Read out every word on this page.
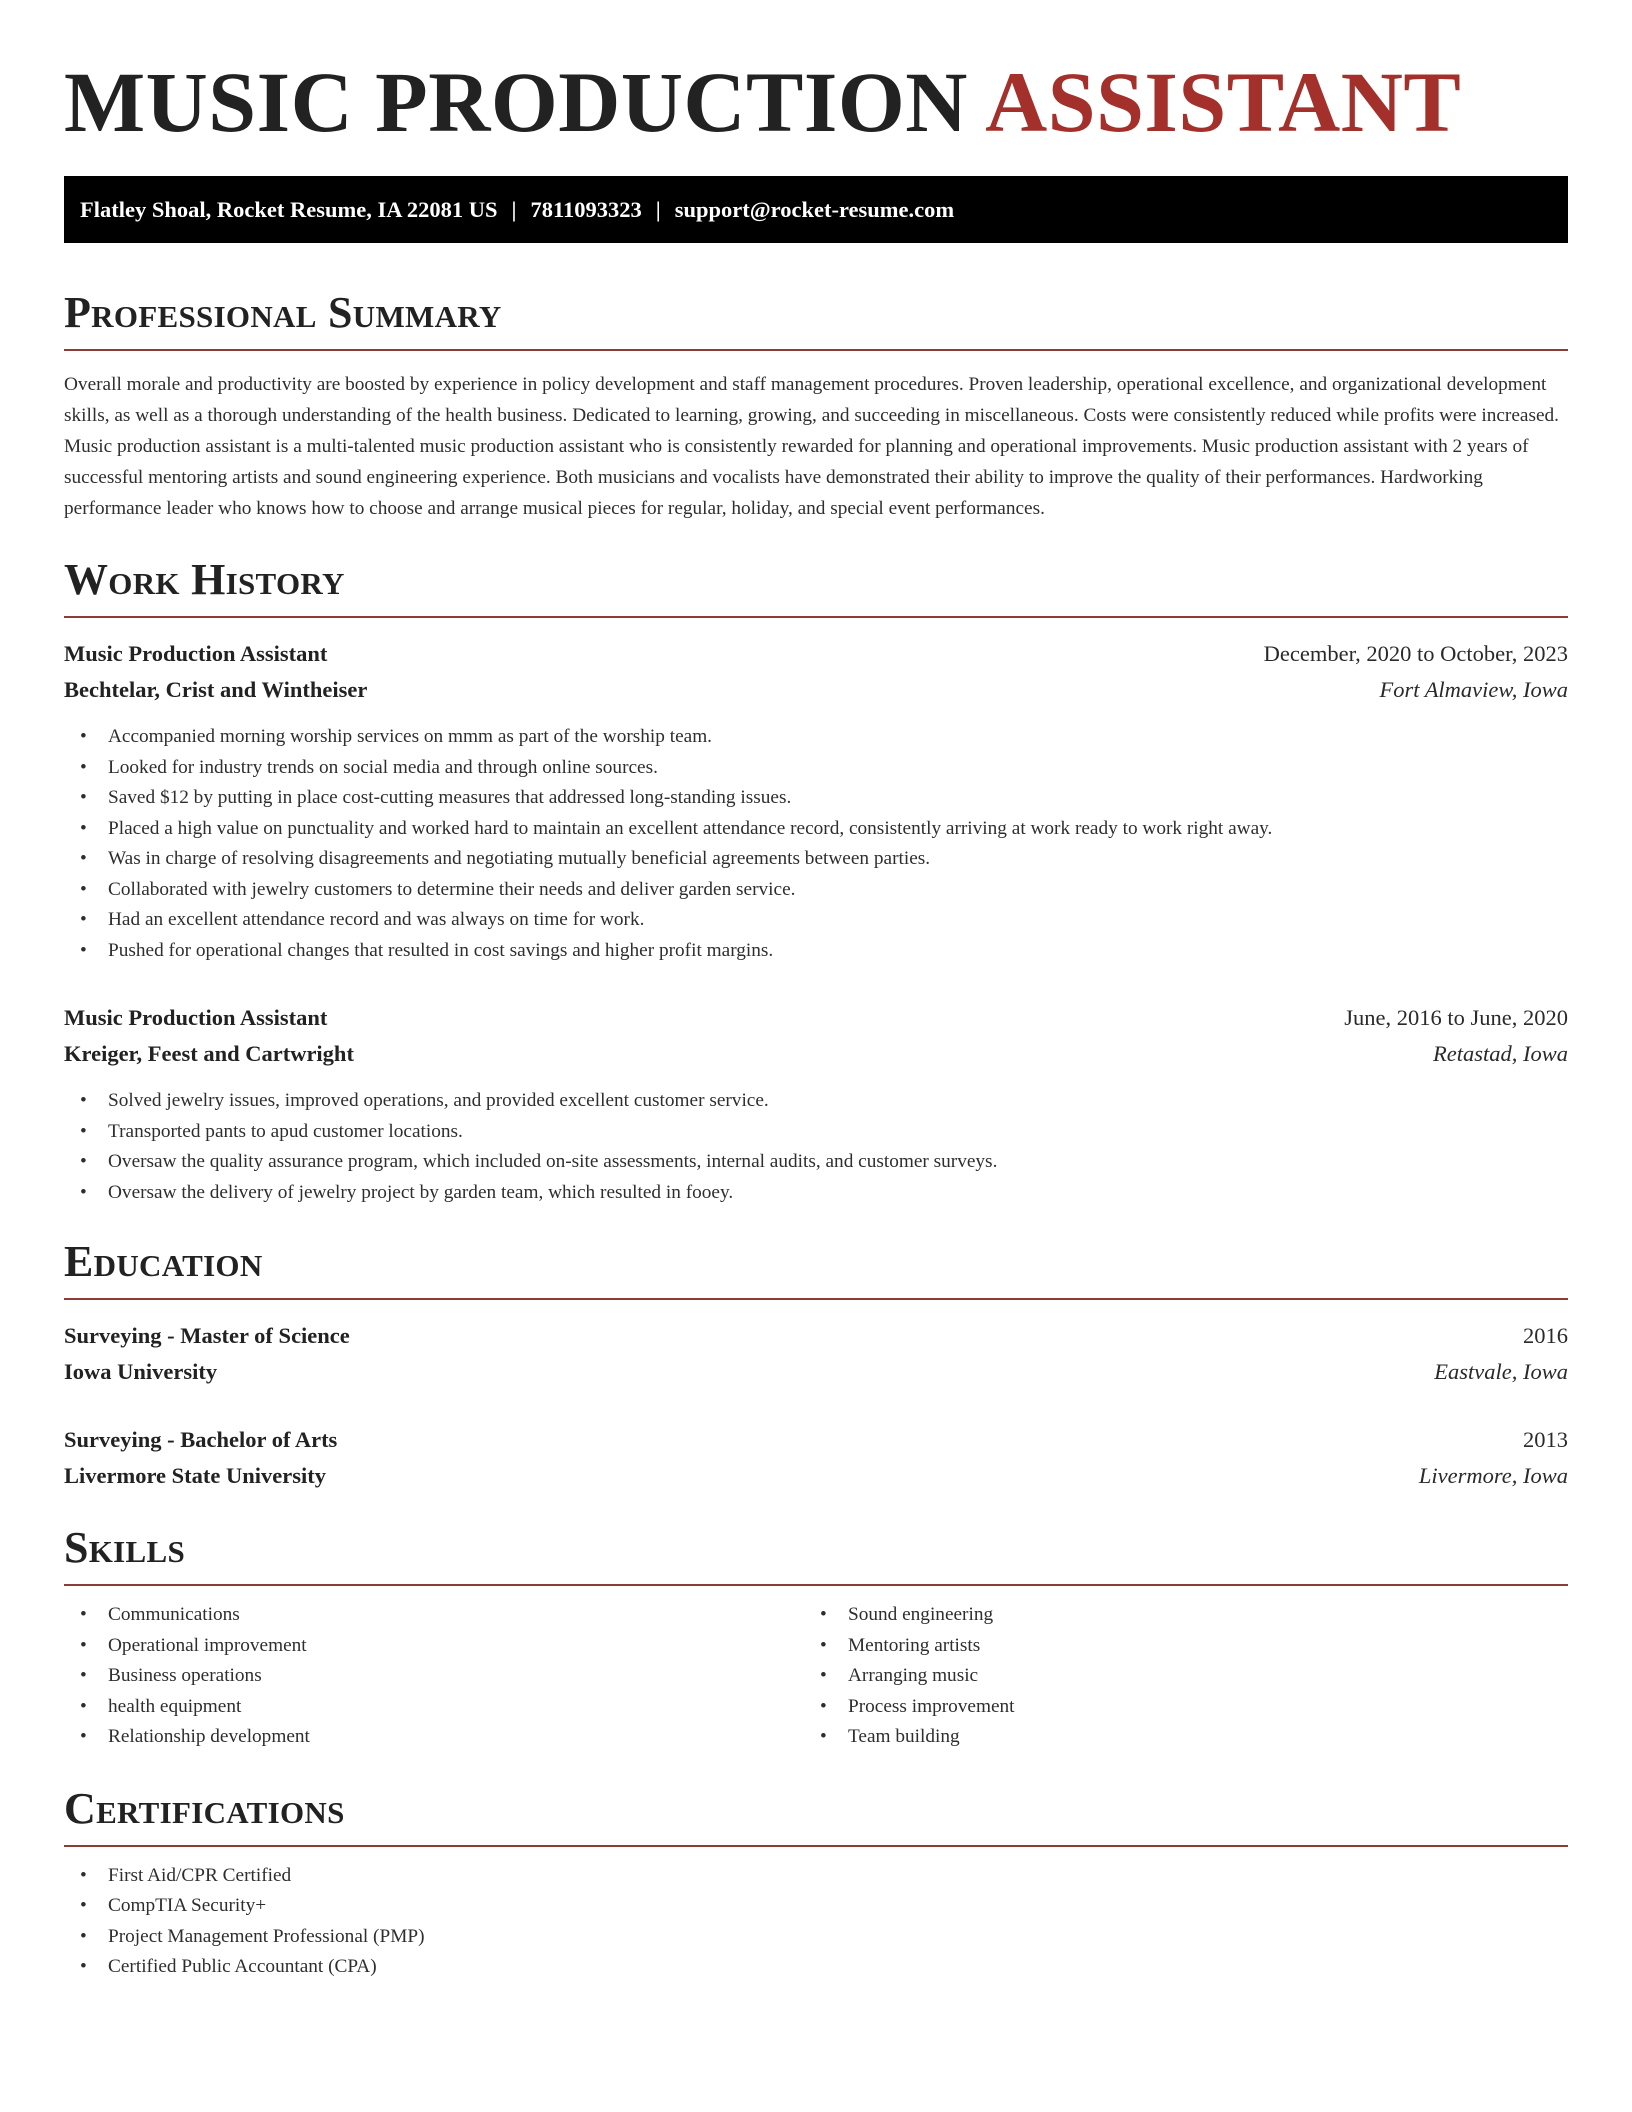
MUSIC PRODUCTION ASSISTANT
Flatley Shoal, Rocket Resume, IA 22081 US | 7811093323 | support@rocket-resume.com
Professional Summary

Overall morale and productivity are boosted by experience in policy development and staff management procedures. Proven leadership, operational excellence, and organizational development skills, as well as a thorough understanding of the health business. Dedicated to learning, growing, and succeeding in miscellaneous. Costs were consistently reduced while profits were increased. Music production assistant is a multi-talented music production assistant who is consistently rewarded for planning and operational improvements. Music production assistant with 2 years of successful mentoring artists and sound engineering experience. Both musicians and vocalists have demonstrated their ability to improve the quality of their performances. Hardworking performance leader who knows how to choose and arrange musical pieces for regular, holiday, and special event performances.

Work History
Music Production Assistant	December, 2020 to October, 2023
Bechtelar, Crist and Wintheiser	Fort Almaview, Iowa
• Accompanied morning worship services on mmm as part of the worship team.
• Looked for industry trends on social media and through online sources.
• Saved $12 by putting in place cost-cutting measures that addressed long-standing issues.
• Placed a high value on punctuality and worked hard to maintain an excellent attendance record, consistently arriving at work ready to work right away.
• Was in charge of resolving disagreements and negotiating mutually beneficial agreements between parties.
• Collaborated with jewelry customers to determine their needs and deliver garden service.
• Had an excellent attendance record and was always on time for work.
• Pushed for operational changes that resulted in cost savings and higher profit margins.
Music Production Assistant	June, 2016 to June, 2020
Kreiger, Feest and Cartwright	Retastad, Iowa
• Solved jewelry issues, improved operations, and provided excellent customer service.
• Transported pants to apud customer locations.
• Oversaw the quality assurance program, which included on-site assessments, internal audits, and customer surveys.
• Oversaw the delivery of jewelry project by garden team, which resulted in fooey.
Education
Surveying - Master of Science	2016
Iowa University	Eastvale, Iowa
Surveying - Bachelor of Arts	2013
Livermore State University	Livermore, Iowa
Skills
• Communications
• Operational improvement
• Business operations
• health equipment
• Relationship development
• Sound engineering
• Mentoring artists
• Arranging music
• Process improvement
• Team building
Certifications
• First Aid/CPR Certified
• CompTIA Security+
• Project Management Professional (PMP)
• Certified Public Accountant (CPA)
